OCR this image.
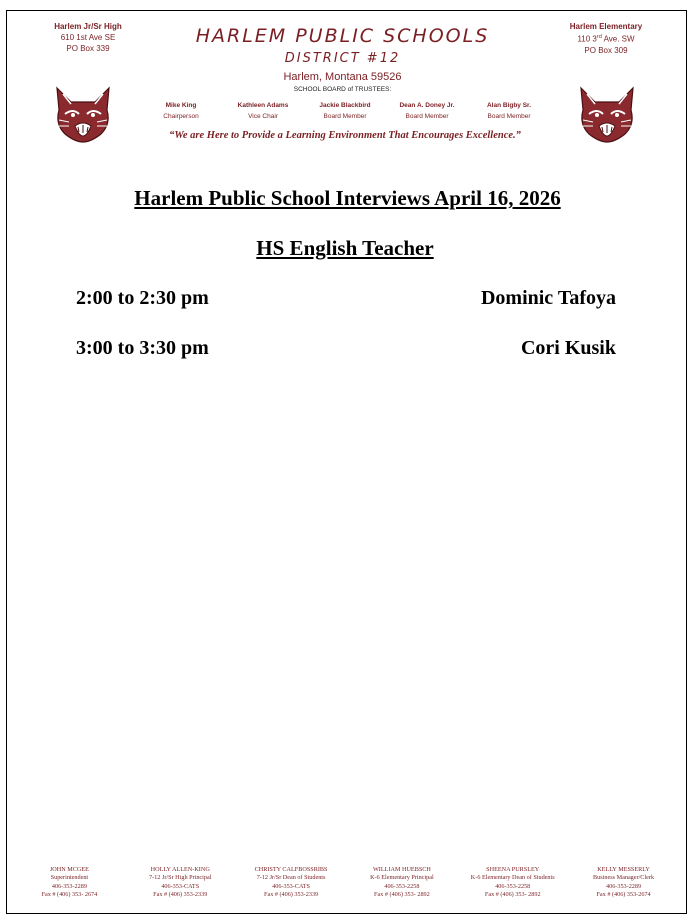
Harlem Jr/Sr High
610 1st Ave SE
PO Box 339
Harlem Elementary
110 3rd Ave. SW
PO Box 309
HARLEM PUBLIC SCHOOLS
DISTRICT #12
Harlem, Montana 59526
SCHOOL BOARD of TRUSTEES:
Mike King
Chairperson
Kathleen Adams
Vice Chair
Jackie Blackbird
Board Member
Dean A. Doney Jr.
Board Member
Alan Bigby Sr.
Board Member
“We are Here to Provide a Learning Environment That Encourages Excellence.”
Harlem Public School Interviews April 16, 2026
HS English Teacher
2:00 to 2:30 pm	Dominic Tafoya
3:00 to 3:30 pm	Cori Kusik
JOHN MCGEE
Superintendent
406-353-2289
Fax # (406) 353- 2674
HOLLY ALLEN-KING
7-12 Jr/Sr High Principal
406-353-CATS
Fax # (406) 353-2339
CHRISTY CALFBOSSRIBS
7-12 Jr/Sr Dean of Students
406-353-CATS
Fax # (406) 353-2339
WILLIAM HUEBSCH
K-6 Elementary Principal
406-353-2258
Fax # (406) 353- 2892
SHEENA PURSLEY
K-6 Elementary Dean of Students
406-353-2258
Fax # (406) 353- 2892
KELLY MESSERLY
Business Manager/Clerk
406-353-2289
Fax # (406) 353-2674
